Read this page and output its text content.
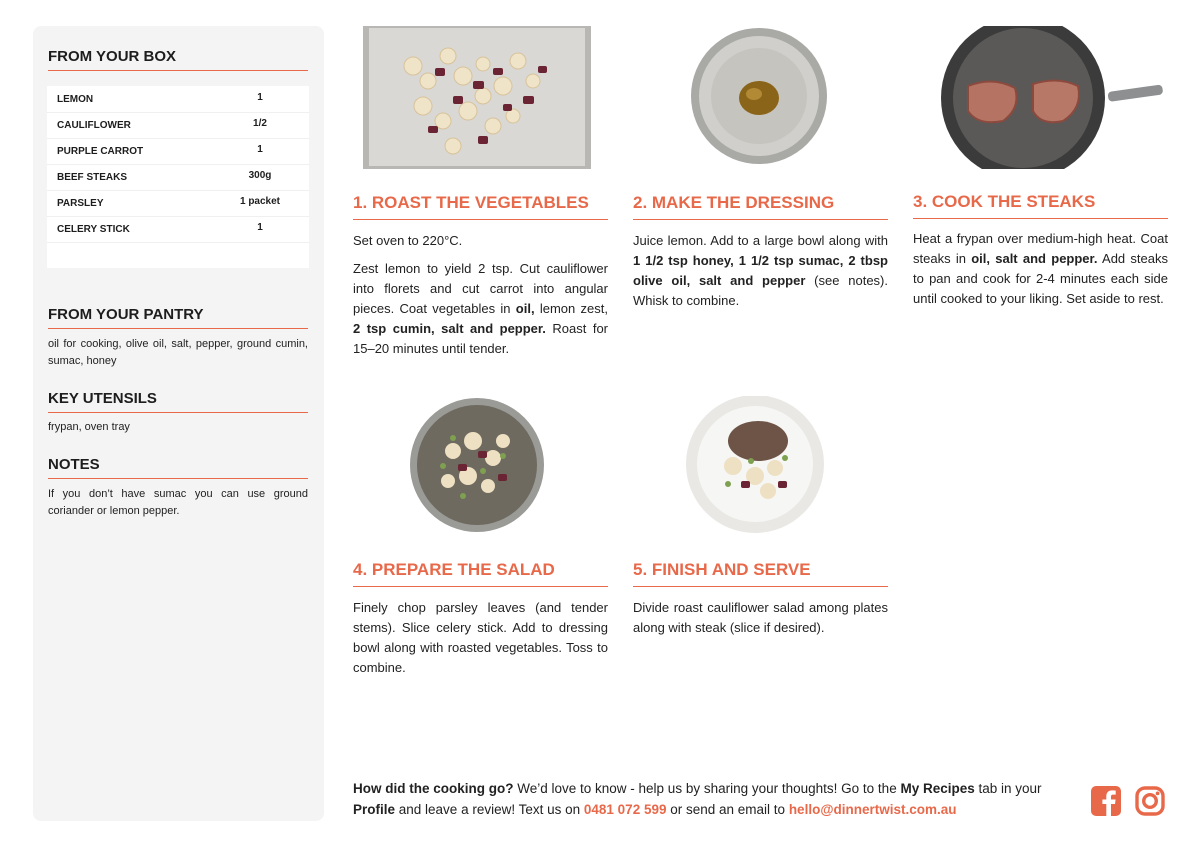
FROM YOUR BOX
LEMON	1
CAULIFLOWER	1/2
PURPLE CARROT	1
BEEF STEAKS	300g
PARSLEY	1 packet
CELERY STICK	1
FROM YOUR PANTRY

oil for cooking, olive oil, salt, pepper, ground cumin, sumac, honey

KEY UTENSILS

frypan, oven tray

NOTES

If you don’t have sumac you can use ground coriander or lemon pepper.

1. ROAST THE VEGETABLES

Set oven to 220°C.

Zest lemon to yield 2 tsp. Cut cauliflower into florets and cut carrot into angular pieces. Coat vegetables in oil, lemon zest, 2 tsp cumin, salt and pepper. Roast for 15–20 minutes until tender.

2. MAKE THE DRESSING

Juice lemon. Add to a large bowl along with 1 1/2 tsp honey, 1 1/2 tsp sumac, 2 tbsp olive oil, salt and pepper (see notes). Whisk to combine.

3. COOK THE STEAKS

Heat a frypan over medium-high heat. Coat steaks in oil, salt and pepper. Add steaks to pan and cook for 2-4 minutes each side until cooked to your liking. Set aside to rest.

4. PREPARE THE SALAD

Finely chop parsley leaves (and tender stems). Slice celery stick. Add to dressing bowl along with roasted vegetables. Toss to combine.

5. FINISH AND SERVE

Divide roast cauliflower salad among plates along with steak (slice if desired).

How did the cooking go? We’d love to know - help us by sharing your thoughts! Go to the My Recipes tab in your Profile and leave a review! Text us on 0481 072 599 or send an email to hello@dinnertwist.com.au
